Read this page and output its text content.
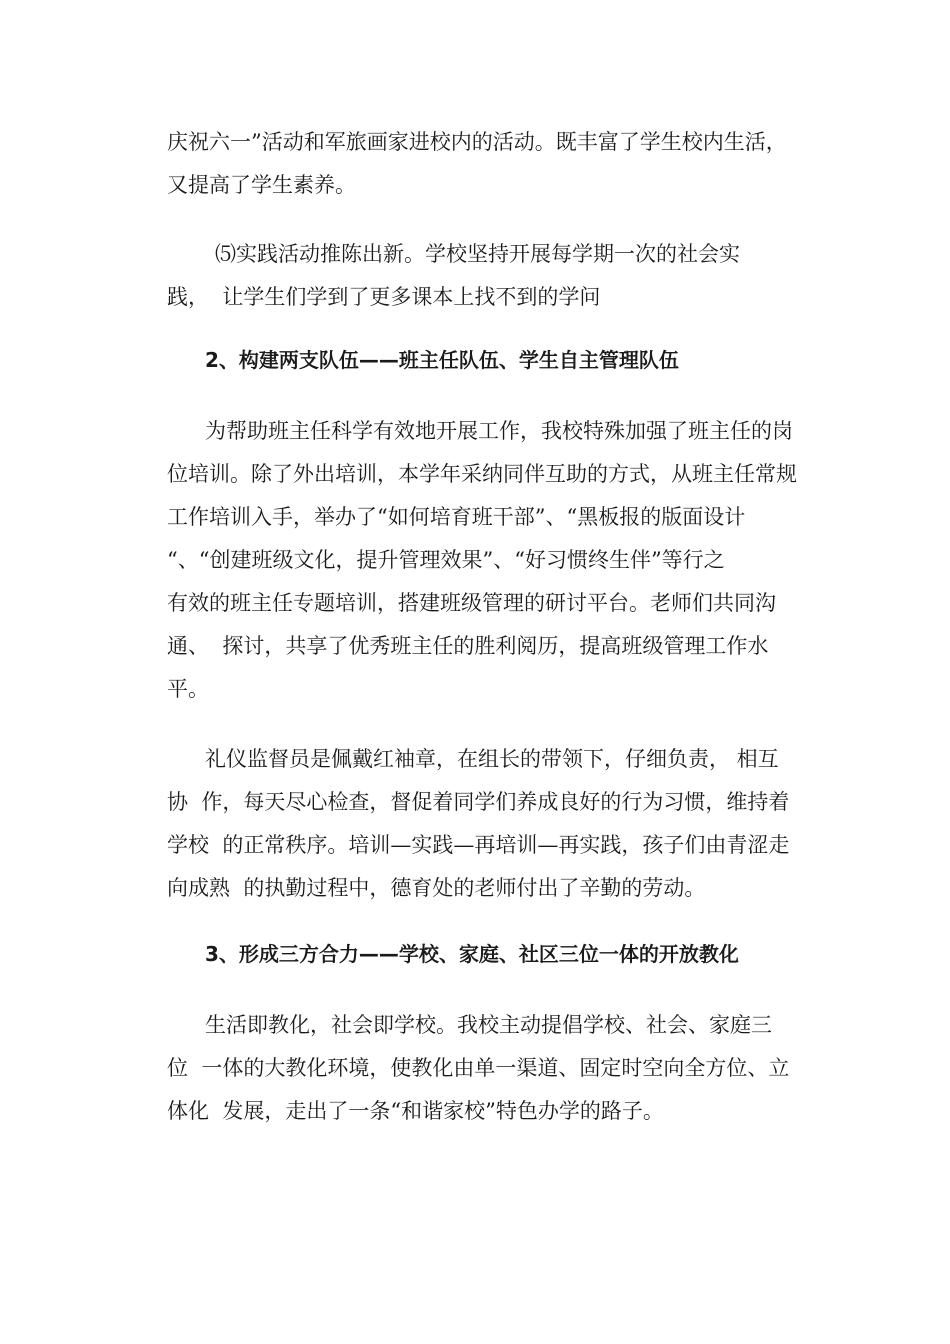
庆祝六一”活动和军旅画家进校内的活动。既丰富了学生校内生活，

又提高了学生素养。

⑸实践活动推陈出新。学校坚持开展每学期一次的社会实

践，  让学生们学到了更多课本上找不到的学问

2、构建两支队伍——班主任队伍、学生自主管理队伍

为帮助班主任科学有效地开展工作，我校特殊加强了班主任的岗

位培训。除了外出培训，本学年采纳同伴互助的方式，从班主任常规

工作培训入手，举办了“如何培育班干部”、“黑板报的版面设计

“、“创建班级文化，提升管理效果”、“好习惯终生伴”等行之

有效的班主任专题培训，搭建班级管理的研讨平台。老师们共同沟

通、  探讨，共享了优秀班主任的胜利阅历，提高班级管理工作水

平。

礼仪监督员是佩戴红袖章，在组长的带领下，仔细负责， 相互

协  作，每天尽心检查，督促着同学们养成良好的行为习惯，维持着

学校  的正常秩序。培训—实践—再培训—再实践，孩子们由青涩走

向成熟  的执勤过程中，德育处的老师付出了辛勤的劳动。

3、形成三方合力——学校、家庭、社区三位一体的开放教化

生活即教化，社会即学校。我校主动提倡学校、社会、家庭三

位  一体的大教化环境，使教化由单一渠道、固定时空向全方位、立

体化  发展，走出了一条“和谐家校”特色办学的路子。
